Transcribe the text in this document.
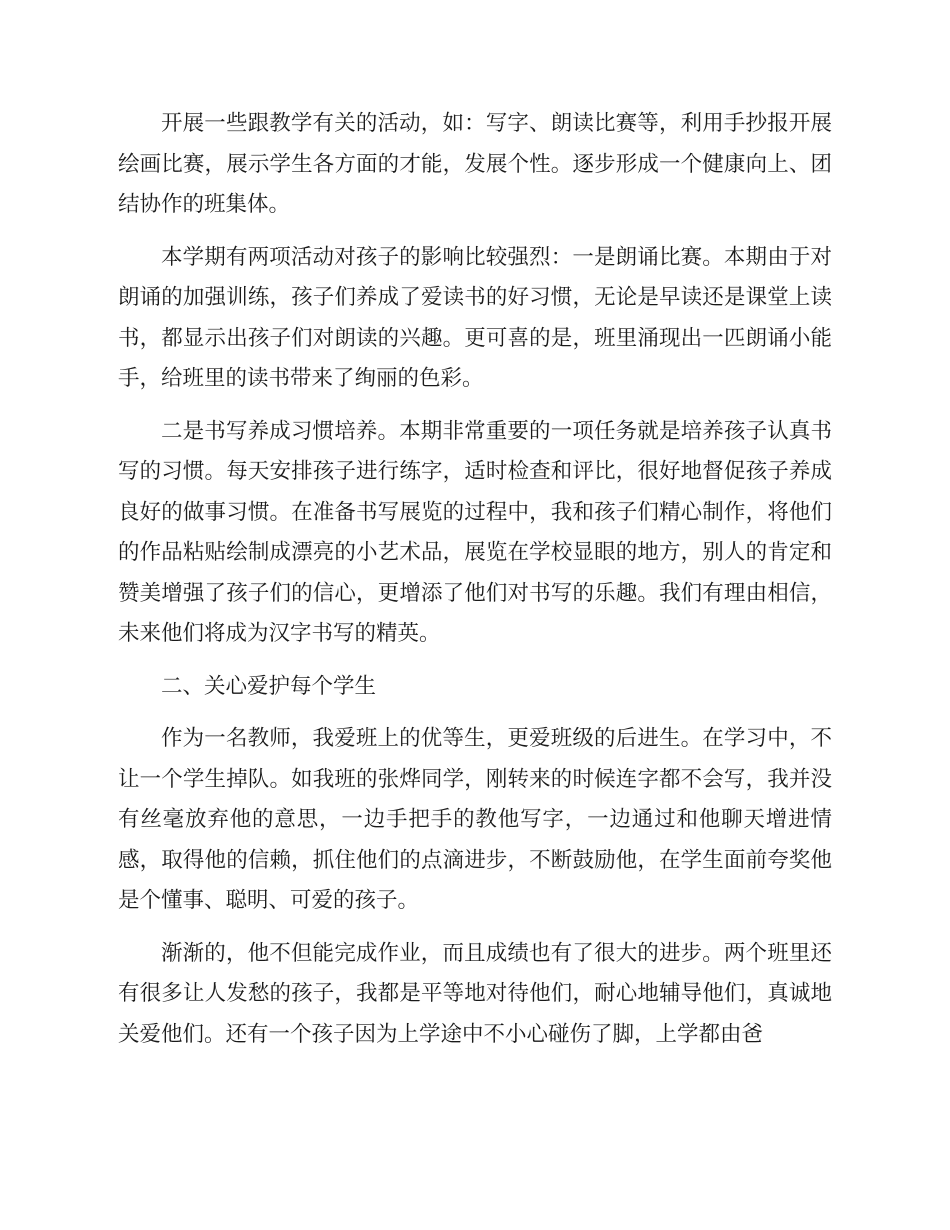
开展一些跟教学有关的活动，如：写字、朗读比赛等，利用手抄报开展绘画比赛，展示学生各方面的才能，发展个性。逐步形成一个健康向上、团结协作的班集体。

本学期有两项活动对孩子的影响比较强烈：一是朗诵比赛。本期由于对朗诵的加强训练，孩子们养成了爱读书的好习惯，无论是早读还是课堂上读书，都显示出孩子们对朗读的兴趣。更可喜的是，班里涌现出一匹朗诵小能手，给班里的读书带来了绚丽的色彩。

二是书写养成习惯培养。本期非常重要的一项任务就是培养孩子认真书写的习惯。每天安排孩子进行练字，适时检查和评比，很好地督促孩子养成良好的做事习惯。在准备书写展览的过程中，我和孩子们精心制作，将他们的作品粘贴绘制成漂亮的小艺术品，展览在学校显眼的地方，别人的肯定和赞美增强了孩子们的信心，更增添了他们对书写的乐趣。我们有理由相信，未来他们将成为汉字书写的精英。

二、关心爱护每个学生

作为一名教师，我爱班上的优等生，更爱班级的后进生。在学习中，不让一个学生掉队。如我班的张烨同学，刚转来的时候连字都不会写，我并没有丝毫放弃他的意思，一边手把手的教他写字，一边通过和他聊天增进情感，取得他的信赖，抓住他们的点滴进步，不断鼓励他，在学生面前夸奖他是个懂事、聪明、可爱的孩子。

渐渐的，他不但能完成作业，而且成绩也有了很大的进步。两个班里还有很多让人发愁的孩子，我都是平等地对待他们，耐心地辅导他们，真诚地关爱他们。还有一个孩子因为上学途中不小心碰伤了脚，上学都由爸
